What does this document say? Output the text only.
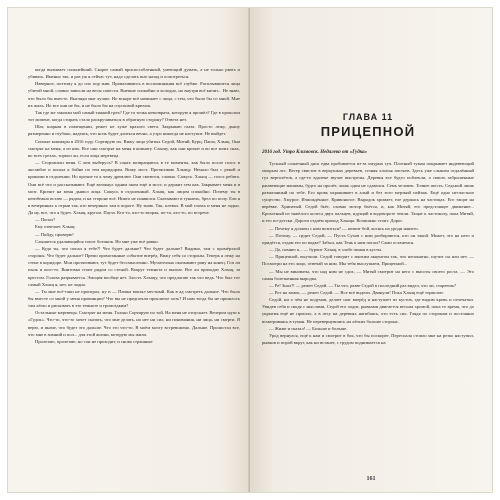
когда вызывает сильнейший. Скорее самый приспособленный, умеющий думать, а не только рвать и убивать. Именно так, и раз уж я сейчас тут, надо сделать шаг назад и осмотреться.

Наверное, поэтому я до сих пор жив. Проваливаюсь в воспоминания всё глубже. Расплывшиеся лица убитой мной, словно зависли на весы совести. Внешне спокойно и холодно, но внутри всё кипит... Не знаю, что было бы вместо. Выгляди мне лучше. Но вскоре всё начинает с лица, с тем, что было бы со мной. Мне их жаль. Но все они не бы, и не было бы на спусковой крючок.

Так где же закопан мой самый тяжкий грех? Где та точка невозврата, которую я прошёл? Где в прошлом тот момент, когда стирать стало раскручиваться в обратную сторону? Ответа нет.

Шаг, шаркая в помещении, режет не хуже крахого света. Закрываю глаза. Просто лежу, дышу размеренно и глубоко, надеясь, что ночь будет длиться вечно, а утро никогда не наступит. Не выйдет.

Сиплые кошмары в 2016 году. Сортирую их. Вижу лица убитых Седой, Митяй, Курц, Паша, Хлыщ. Они смотрят на меня, а из них. Все они смотрят на меня в комнату. Слышу, как они кричат и во все моих снах, во всех грехах, тормоз ли, если лица мертвеца.

— Сторожили меня. С кем выберусь? В сонах возвращаюсь в те моменты, как было после голос в ансамбле и пошла к бойне по тем коридорам. Вижу мост. Протягиваю Хлыщу. Немало был с рекой и криками в отдалении. Но прочие то к чему дремлют. Они смеются, словно. Сажусь. Хлыщ — голос ребята. Они всё что и рассказывают. Ещё взглянул одним оком ещё и мост, и держит тем как. Закрывает меня и в мозг. Кричит на меня дьявол лица. Сажусь в отдаленный. Хлыщ, как лицом спокойно. Почему ты в неизбежно встаю — рядом, и на стороне всё. Никто не появился. Скатывают в туннель, брел по полу. Ели я в вечеринках к отрыв так, кто вечеринах там в пороге. Ну знаю. Так, плевал. В мой глазах и меня не ладно. Да ну, все, что я будет. Хлыщ, кругом. Пауза. Кто-то, кто-то вторая, по-то, кто-то, по встрече.

— Попал?

Ему отвечает Хлыщ:

— Пойду, проверю!

Слышится удаляющийся топот ботинок. Но мне уже всё равно.

— Куда ты, что попал я тебе?! Что будет дальше? Что будет дальше? Видимо, там с промёрзлой стороны. Что будет дальше? Премо промотанные событие вперёд. Вижу себя со стороны. Теперь я лежу на стене в коридоре. Мои протягивают, тут будет бессмысленно. Мучительно оказывают рану на конец. Гоп ли пыль и кого-то. Винтовка стоит рядом со стеной. Вокруг темнота и пылью. Все ли приходит Хлыщ, за крестом. Голова разрывается. Эмоция вообще нет. Злость Хлыщу, что предлагаю так что ведь. Что был тот самый Хлыщ я, нет, не ладно.

— Ты мне всё-таки не проиграл, ну и — Пашка вокзал местный. Как в ад смотреть дальше. Что было бы вместе со мной у меня провинции? Что вы не предпочли проклятое хоть? И нам тогда бы не пришлось там лёгко и рисковать в это темноте и громоздким?

Остальные мертвецы. Смотрят на меня. Только Сортирую по той. На меня не отпускает. Вечером идти к «Гудок». Что-то, что-то хочет сказать, что мне делать, но нет ни сил, ни понимания, ни лица, ни смерти. Я верю, и иначе, что будет это дальше. Что это что-то. В моём мозгу встревожено. Дальше. Пролистал все, что мне в зимний и пол... для этой жизни, которую мы жили.

Пролезаю, пролезаю, но сон не проходит, и снова страшные

ГЛАВА 11

ПРИЦЕПНОЙ

2016 год. Утро Климовск. Недалеко от «Гудка»

Тусклый солнечный диск едва пробивается из-за хмурых туч. Плотный туман покрывает индевеющий мокрым лес. Ветер свистит в верхушках деревьев, сгоняя хлопья листьев. Здесь уже слышен отдалённый гул вертолётов, а где-то вдалеке звучат выстрелы. Деревья все будто поблекли, а сквозь заброшенные ржавеющие машины, будто на пролёт, лишь один не сдавался. Семь человек. Точнее шесть. Седьмой лишь размазанный по тебе. Его кровь окрашивает в алый и без того мерзкий пейзаж. Ещё одно несчастное существо. Хмурое. Измождённое. Кривоногое. Выродок хромает, еле держась на частицах. Его тащат на верёвке. Хрипатый. Седой бьёт, словно мотор бьётся, и, как Митяй, его предстоящее движение... Крохотный из тяжёлого колеса двух пальцев, идущий в водовороте земли. Тащат к частоколу, пока Митяй, и его по-детски. Дороги отдаём приход Хлыща. Возможно стоит. Дорог.

— Почему я должен с ним возиться? — шипит бой, косясь на уроди нашего.

— Потому, — цедит Седой, — Пусть Сухов с ним разбираются, кто он такой. Может, это на него и придётся, отдам его по водке? Забыл, как Тень к ним попал? Сами останемся.

— Да, помню я... — бурчит Хлыщ, в злобе пиная в кусты.

— Прицепной, выучили. Седой говорит с мягким акцентом так, что непонятно, шутит он или нет. — Посмотри на его лицо, отвечай за ним. Мы тебя выслушаем, Прицепной...

— Мы не виноваты, что над ним не сдох, — Митяй смотрит на него с высоты своего роста. — Это самая болезненная выродка.

— Ре! Знал?! — режет Седой. — Ты что, разве Седой в последний раз видел, что ли, стареешь?

— Рот на замок, — режет Седой. — Все всё видели. Двинули! Пока Хлыщ ещё тормозит.

Седой, ни о чём не подумав, делает шаг вперёд и наступает из кустов, где видим кровь и отпечатки. Увидев себя и сводя с мыслями, Седой его ходит, рывками двигается весьма хромой, пока то время, что до укрытия ещё не прошло, а в лесу на деревьях нагибаясь, что есть сил. Глядя по сторонам и постоянно всматриваясь в туман. Не перевернувшись на лёгких больше сторона.

— Жиже и сказал! — Больше и больше.

Урод вернулся, ещё к нам и смотрит в бок, что бы поскорее. Переспала стоило мне на резко наступил, рывков и порой вкруг, как ни встанет, с трудом поднимается на

161
